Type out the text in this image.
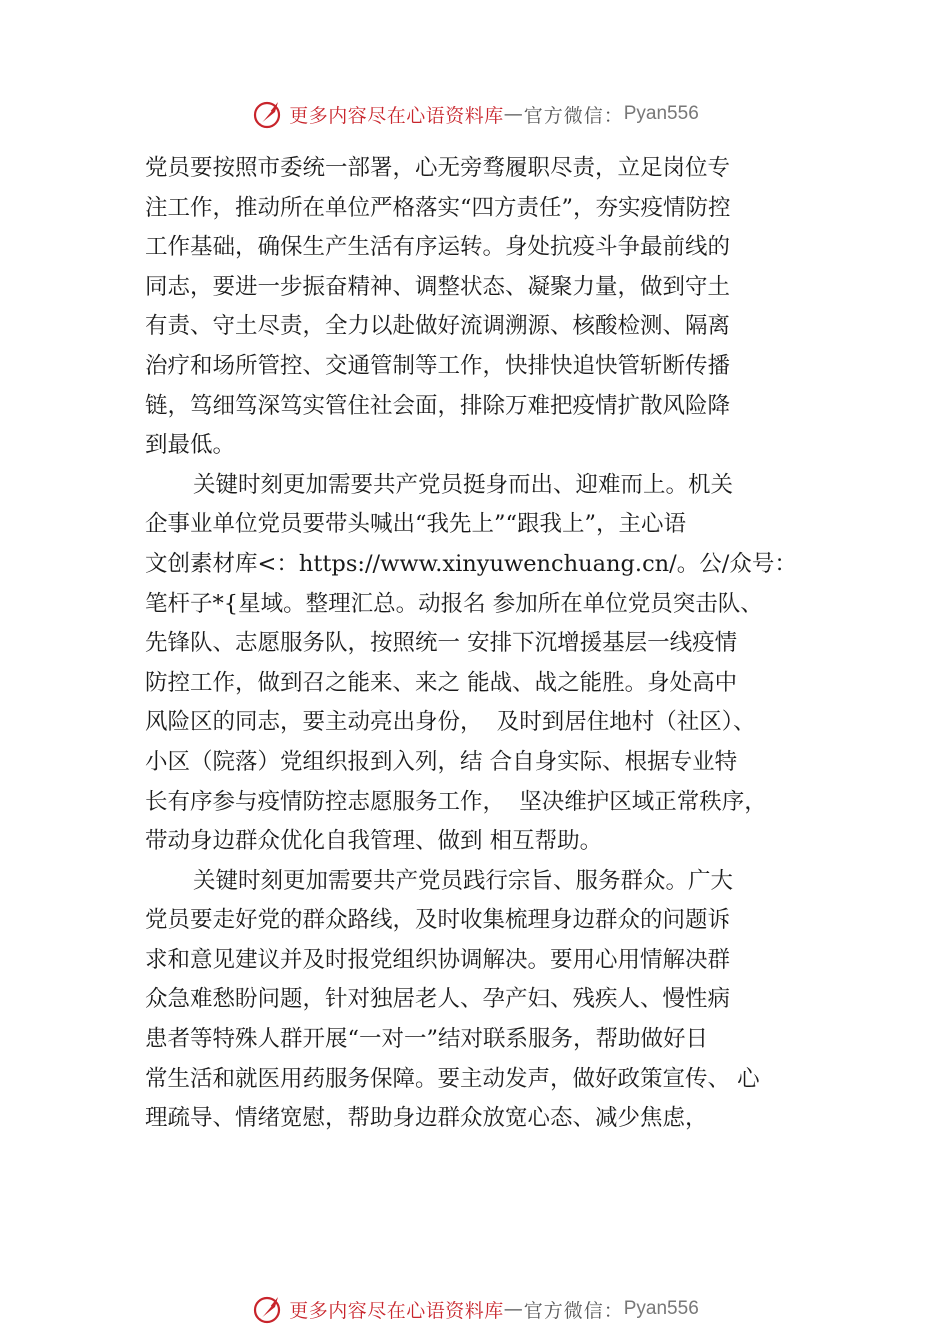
更多内容尽在心语资料库 — 官方微信： Pyan556
党员要按照市委统一部署，心无旁骛履职尽责，立足岗位专
注工作，推动所在单位严格落实“四方责任”，夯实疫情防控
工作基础，确保生产生活有序运转。身处抗疫斗争最前线的
同志，要进一步振奋精神、调整状态、凝聚力量，做到守土
有责、守土尽责，全力以赴做好流调溯源、核酸检测、隔离
治疗和场所管控、交通管制等工作，快排快追快管斩断传播
链，笃细笃深笃实管住社会面，排除万难把疫情扩散风险降
到最低。
关键时刻更加需要共产党员挺身而出、迎难而上。机关
企事业单位党员要带头喊出“我先上”“跟我上”，主心语
文创素材库<：https://www.xinyuwenchuang.cn/。公/众号：
笔杆子*{星域。整理汇总。动报名 参加所在单位党员突击队、
先锋队、志愿服务队，按照统一 安排下沉增援基层一线疫情
防控工作，做到召之能来、来之 能战、战之能胜。身处高中
风险区的同志，要主动亮出身份，  及时到居住地村（社区）、
小区（院落）党组织报到入列，结 合自身实际、根据专业特
长有序参与疫情防控志愿服务工作，  坚决维护区域正常秩序，
带动身边群众优化自我管理、做到 相互帮助。
关键时刻更加需要共产党员践行宗旨、服务群众。广大
党员要走好党的群众路线，及时收集梳理身边群众的问题诉
求和意见建议并及时报党组织协调解决。要用心用情解决群
众急难愁盼问题，针对独居老人、孕产妇、残疾人、慢性病
患者等特殊人群开展“一对一”结对联系服务，帮助做好日
常生活和就医用药服务保障。要主动发声，做好政策宣传、 心
理疏导、情绪宽慰，帮助身边群众放宽心态、减少焦虑，
更多内容尽在心语资料库 — 官方微信： Pyan556
